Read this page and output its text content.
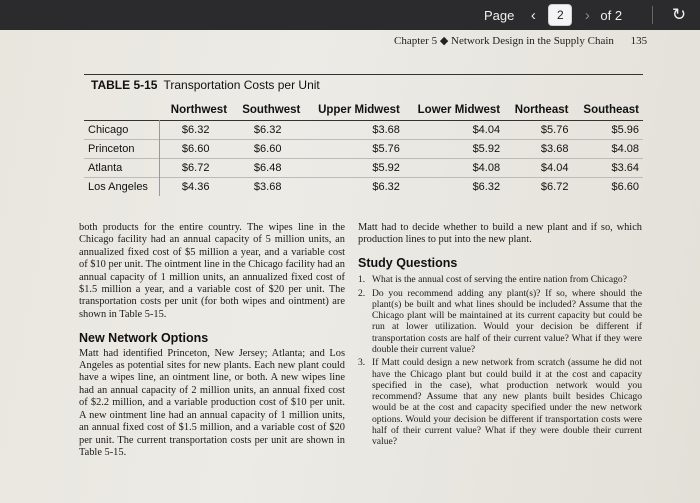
Page	‹	2	› of 2	↻
Chapter 5 ◆ Network Design in the Supply Chain 135
TABLE 5-15 Transportation Costs per Unit
	Northwest	Southwest	Upper Midwest	Lower Midwest	Northeast	Southeast
Chicago	$6.32	$6.32	$3.68	$4.04	$5.76	$5.96
Princeton	$6.60	$6.60	$5.76	$5.92	$3.68	$4.08
Atlanta	$6.72	$6.48	$5.92	$4.08	$4.04	$3.64
Los Angeles	$4.36	$3.68	$6.32	$6.32	$6.72	$6.60

both products for the entire country. The wipes line in the Chicago facility had an annual capacity of 5 million units, an annualized fixed cost of $5 million a year, and a variable cost of $10 per unit. The ointment line in the Chicago facility had an annual capacity of 1 million units, an annualized fixed cost of $1.5 million a year, and a variable cost of $20 per unit. The transportation costs per unit (for both wipes and ointment) are shown in Table 5-15.

New Network Options

Matt had identified Princeton, New Jersey; Atlanta; and Los Angeles as potential sites for new plants. Each new plant could have a wipes line, an ointment line, or both. A new wipes line had an annual capacity of 2 million units, an annual fixed cost of $2.2 million, and a variable production cost of $10 per unit. A new ointment line had an annual capacity of 1 million units, an annual fixed cost of $1.5 million, and a variable cost of $20 per unit. The current transportation costs per unit are shown in Table 5-15.

Matt had to decide whether to build a new plant and if so, which production lines to put into the new plant.

Study Questions

1. What is the annual cost of serving the entire nation from Chicago?
2. Do you recommend adding any plant(s)? If so, where should the plant(s) be built and what lines should be included? Assume that the Chicago plant will be maintained at its current capacity but could be run at lower utilization. Would your decision be different if transportation costs are half of their current value? What if they were double their current value?
3. If Matt could design a new network from scratch (assume he did not have the Chicago plant but could build it at the cost and capacity specified in the case), what production network would you recommend? Assume that any new plants built besides Chicago would be at the cost and capacity specified under the new network options. Would your decision be different if transportation costs were half of their current value? What if they were double their current value?
